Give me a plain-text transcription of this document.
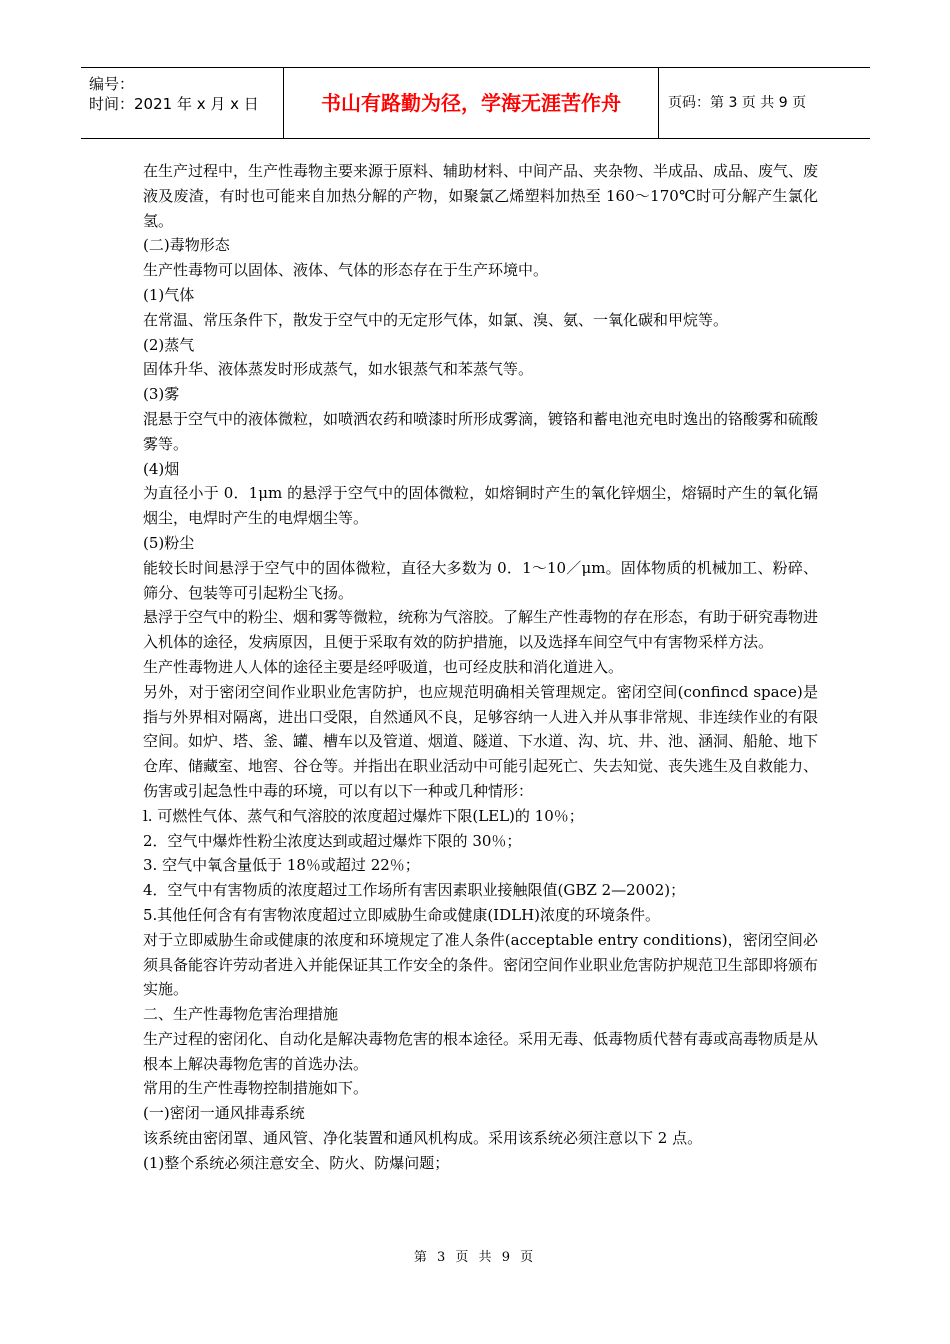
编号：
时间：2021 年 x 月 x 日	书山有路勤为径，学海无涯苦作舟	页码：第 3 页 共 9 页

在生产过程中，生产性毒物主要来源于原料、辅助材料、中间产品、夹杂物、半成品、成品、废气、废液及废渣，有时也可能来自加热分解的产物，如聚氯乙烯塑料加热至 160～170℃时可分解产生氯化氢。

(二)毒物形态

生产性毒物可以固体、液体、气体的形态存在于生产环境中。

(1)气体

在常温、常压条件下，散发于空气中的无定形气体，如氯、溴、氨、一氧化碳和甲烷等。

(2)蒸气

固体升华、液体蒸发时形成蒸气，如水银蒸气和苯蒸气等。

(3)雾

混悬于空气中的液体微粒，如喷洒农药和喷漆时所形成雾滴，镀铬和蓄电池充电时逸出的铬酸雾和硫酸雾等。

(4)烟

为直径小于 0．1μm 的悬浮于空气中的固体微粒，如熔铜时产生的氧化锌烟尘，熔镉时产生的氧化镉烟尘，电焊时产生的电焊烟尘等。

(5)粉尘

能较长时间悬浮于空气中的固体微粒，直径大多数为 0．1～10／μm。固体物质的机械加工、粉碎、筛分、包装等可引起粉尘飞扬。

悬浮于空气中的粉尘、烟和雾等微粒，统称为气溶胶。了解生产性毒物的存在形态，有助于研究毒物进入机体的途径，发病原因，且便于采取有效的防护措施，以及选择车间空气中有害物采样方法。

生产性毒物进人人体的途径主要是经呼吸道，也可经皮肤和消化道进入。

另外，对于密闭空间作业职业危害防护，也应规范明确相关管理规定。密闭空间(confincd space)是指与外界相对隔离，进出口受限，自然通风不良，足够容纳一人进入并从事非常规、非连续作业的有限空间。如炉、塔、釜、罐、槽车以及管道、烟道、隧道、下水道、沟、坑、井、池、涵洞、船舱、地下仓库、储藏室、地窖、谷仓等。并指出在职业活动中可能引起死亡、失去知觉、丧失逃生及自救能力、伤害或引起急性中毒的环境，可以有以下一种或几种情形：

l. 可燃性气体、蒸气和气溶胶的浓度超过爆炸下限(LEL)的 10％；

2．空气中爆炸性粉尘浓度达到或超过爆炸下限的 30％；

3. 空气中氧含量低于 18％或超过 22％；

4．空气中有害物质的浓度超过工作场所有害因素职业接触限值(GBZ 2—2002)；

5.其他任何含有有害物浓度超过立即威胁生命或健康(IDLH)浓度的环境条件。

对于立即威胁生命或健康的浓度和环境规定了准人条件(acceptable entry conditions)，密闭空间必须具备能容许劳动者进入并能保证其工作安全的条件。密闭空间作业职业危害防护规范卫生部即将颁布实施。

二、生产性毒物危害治理措施

生产过程的密闭化、自动化是解决毒物危害的根本途径。采用无毒、低毒物质代替有毒或高毒物质是从根本上解决毒物危害的首选办法。

常用的生产性毒物控制措施如下。

(一)密闭一通风排毒系统

该系统由密闭罩、通风管、净化装置和通风机构成。采用该系统必须注意以下 2 点。

(1)整个系统必须注意安全、防火、防爆问题；

第 3 页 共 9 页
